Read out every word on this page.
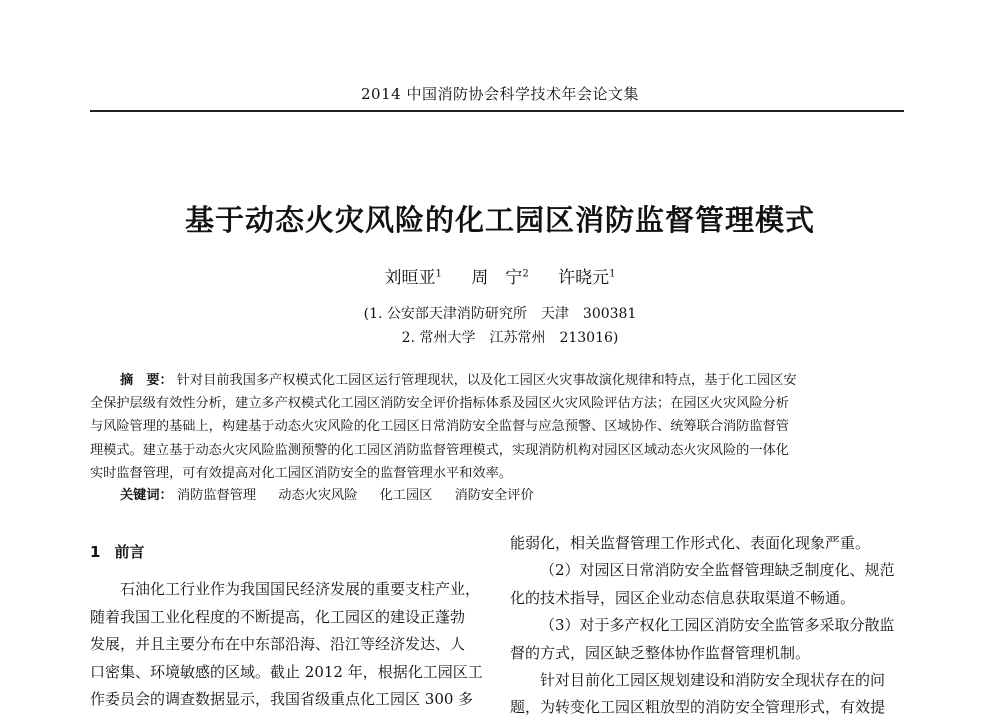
2014 中国消防协会科学技术年会论文集
基于动态火灾风险的化工园区消防监督管理模式
刘晅亚$^1$ 周　宁$^2$ 许晓元$^1$
(1. 公安部天津消防研究所　天津　300381
2. 常州大学　江苏常州　213016)
摘　要： 针对目前我国多产权模式化工园区运行管理现状，以及化工园区火灾事故演化规律和特点，基于化工园区安
全保护层级有效性分析，建立多产权模式化工园区消防安全评价指标体系及园区火灾风险评估方法；在园区火灾风险分析
与风险管理的基础上，构建基于动态火灾风险的化工园区日常消防安全监督与应急预警、区域协作、统筹联合消防监督管
理模式。建立基于动态火灾风险监测预警的化工园区消防监督管理模式，实现消防机构对园区区域动态火灾风险的一体化
实时监督管理，可有效提高对化工园区消防安全的监督管理水平和效率。
关键词： 消防监督管理 动态火灾风险 化工园区 消防安全评价
1 前言
石油化工行业作为我国国民经济发展的重要支柱产业，
随着我国工业化程度的不断提高，化工园区的建设正蓬勃
发展，并且主要分布在中东部沿海、沿江等经济发达、人
口密集、环境敏感的区域。截止 2012 年，根据化工园区工
作委员会的调查数据显示，我国省级重点化工园区 300 多
能弱化，相关监督管理工作形式化、表面化现象严重。
（2）对园区日常消防安全监督管理缺乏制度化、规范
化的技术指导，园区企业动态信息获取渠道不畅通。
（3）对于多产权化工园区消防安全监管多采取分散监
督的方式，园区缺乏整体协作监督管理机制。
针对目前化工园区规划建设和消防安全现状存在的问
题，为转变化工园区粗放型的消防安全管理形式，有效提
